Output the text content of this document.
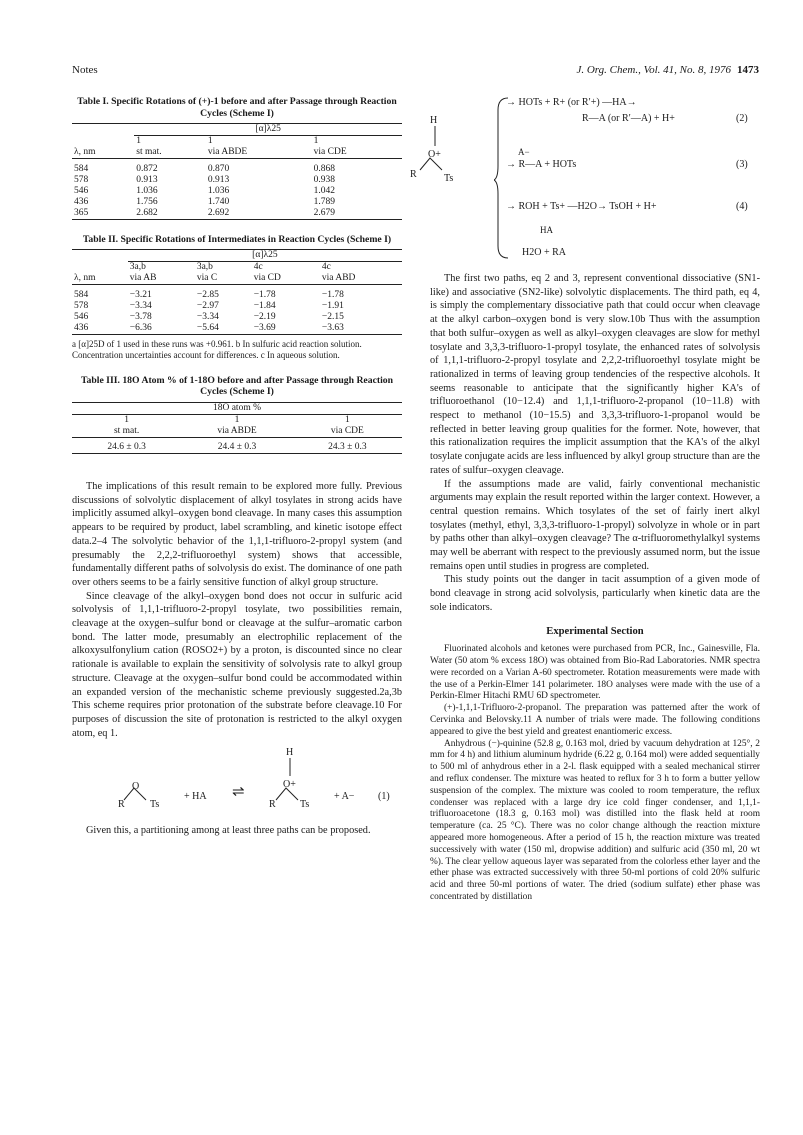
Notes	J. Org. Chem., Vol. 41, No. 8, 1976 1473
Table I. Specific Rotations of (+)-1 before and after Passage through Reaction Cycles (Scheme I)
	[α]λ25		
	1	1	1
λ, nm	st mat.	via ABDE	via CDE

584	0.872	0.870	0.868
578	0.913	0.913	0.938
546	1.036	1.036	1.042
436	1.756	1.740	1.789
365	2.682	2.692	2.679
Table II. Specific Rotations of Intermediates in Reaction Cycles (Scheme I)
	[α]λ25			
	3a,b	3a,b	4c	4c
λ, nm	via AB	via C	via CD	via ABD

584	−3.21	−2.85	−1.78	−1.78
578	−3.34	−2.97	−1.84	−1.91
546	−3.78	−3.34	−2.19	−2.15
436	−6.36	−5.64	−3.69	−3.63
a [α]25D of 1 used in these runs was +0.961. b In sulfuric acid reaction solution. Concentration uncertainties account for differences. c In aqueous solution.
Table III. 18O Atom % of 1-18O before and after Passage through Reaction Cycles (Scheme I)
18O atom %		
1	1	1
st mat.	via ABDE	via CDE

24.6 ± 0.3	24.4 ± 0.3	24.3 ± 0.3

The implications of this result remain to be explored more fully. Previous discussions of solvolytic displacement of alkyl tosylates in strong acids have implicitly assumed alkyl–oxygen bond cleavage. In many cases this assumption appears to be required by product, label scrambling, and kinetic isotope effect data.2–4 The solvolytic behavior of the 1,1,1-trifluoro-2-propyl system (and presumably the 2,2,2-trifluoroethyl system) shows that accessible, fundamentally different paths of solvolysis do exist. The dominance of one path over others seems to be a fairly sensitive function of alkyl group structure.

Since cleavage of the alkyl–oxygen bond does not occur in sulfuric acid solvolysis of 1,1,1-trifluoro-2-propyl tosylate, two possibilities remain, cleavage at the oxygen–sulfur bond or cleavage at the sulfur–aromatic carbon bond. The latter mode, presumably an electrophilic replacement of the alkoxysulfonylium cation (ROSO2+) by a proton, is discounted since no clear rationale is available to explain the sensitivity of solvolysis rate to alkyl group structure. Cleavage at the oxygen–sulfur bond could be accommodated within an expanded version of the mechanistic scheme previously suggested.2a,3b This scheme requires prior protonation of the substrate before cleavage.10 For purposes of discussion the site of protonation is restricted to the alkyl oxygen atom, eq 1.

O
R	Ts
+ HA ⇌
H
O+
R Ts
+ A− (1)

Given this, a partitioning among at least three paths can be proposed.

H
O+
R	Ts
→ HOTs + R+ (or R′+) —HA→
R—A (or R′—A) + H+	(2)
A−
→ R—A + HOTs	(3)
→ ROH + Ts+ —H2O→ TsOH + H+	(4)
HA
H2O + RA

The first two paths, eq 2 and 3, represent conventional dissociative (SN1-like) and associative (SN2-like) solvolytic displacements. The third path, eq 4, is simply the complementary dissociative path that could occur when cleavage at the alkyl carbon–oxygen bond is very slow.10b Thus with the assumption that both sulfur–oxygen as well as alkyl–oxygen cleavages are slow for methyl tosylate and 3,3,3-trifluoro-1-propyl tosylate, the enhanced rates of solvolysis of 1,1,1-trifluoro-2-propyl tosylate and 2,2,2-trifluoroethyl tosylate might be rationalized in terms of leaving group tendencies of the respective alcohols. It seems reasonable to anticipate that the significantly higher KA's of trifluoroethanol (10−12.4) and 1,1,1-trifluoro-2-propanol (10−11.8) with respect to methanol (10−15.5) and 3,3,3-trifluoro-1-propanol would be reflected in better leaving group qualities for the former. Note, however, that this rationalization requires the implicit assumption that the KA's of the alkyl tosylate conjugate acids are less influenced by alkyl group structure than are the rates of sulfur–oxygen cleavage.

If the assumptions made are valid, fairly conventional mechanistic arguments may explain the result reported within the larger context. However, a central question remains. Which tosylates of the set of fairly inert alkyl tosylates (methyl, ethyl, 3,3,3-trifluoro-1-propyl) solvolyze in whole or in part by paths other than alkyl–oxygen cleavage? The α-trifluoromethylalkyl systems may well be aberrant with respect to the previously assumed norm, but the issue remains open until studies in progress are completed.

This study points out the danger in tacit assumption of a given mode of bond cleavage in strong acid solvolysis, particularly when kinetic data are the sole indicators.

Experimental Section

Fluorinated alcohols and ketones were purchased from PCR, Inc., Gainesville, Fla. Water (50 atom % excess 18O) was obtained from Bio-Rad Laboratories. NMR spectra were recorded on a Varian A-60 spectrometer. Rotation measurements were made with the use of a Perkin-Elmer 141 polarimeter. 18O analyses were made with the use of a Perkin-Elmer Hitachi RMU 6D spectrometer.

(+)-1,1,1-Trifluoro-2-propanol. The preparation was patterned after the work of Cervinka and Belovsky.11 A number of trials were made. The following conditions appeared to give the best yield and greatest enantiomeric excess.

Anhydrous (−)-quinine (52.8 g, 0.163 mol, dried by vacuum dehydration at 125°, 2 mm for 4 h) and lithium aluminum hydride (6.22 g, 0.164 mol) were added sequentially to 500 ml of anhydrous ether in a 2-l. flask equipped with a sealed mechanical stirrer and reflux condenser. The mixture was heated to reflux for 3 h to form a butter yellow suspension of the complex. The mixture was cooled to room temperature, the reflux condenser was replaced with a large dry ice cold finger condenser, and 1,1,1-trifluoroacetone (18.3 g, 0.163 mol) was distilled into the flask held at room temperature (ca. 25 °C). There was no color change although the reaction mixture appeared more homogeneous. After a period of 15 h, the reaction mixture was treated successively with water (150 ml, dropwise addition) and sulfuric acid (350 ml, 20 wt %). The clear yellow aqueous layer was separated from the colorless ether layer and the ether phase was extracted successively with three 50-ml portions of cold 20% sulfuric acid and three 50-ml portions of water. The dried (sodium sulfate) ether phase was concentrated by distillation
